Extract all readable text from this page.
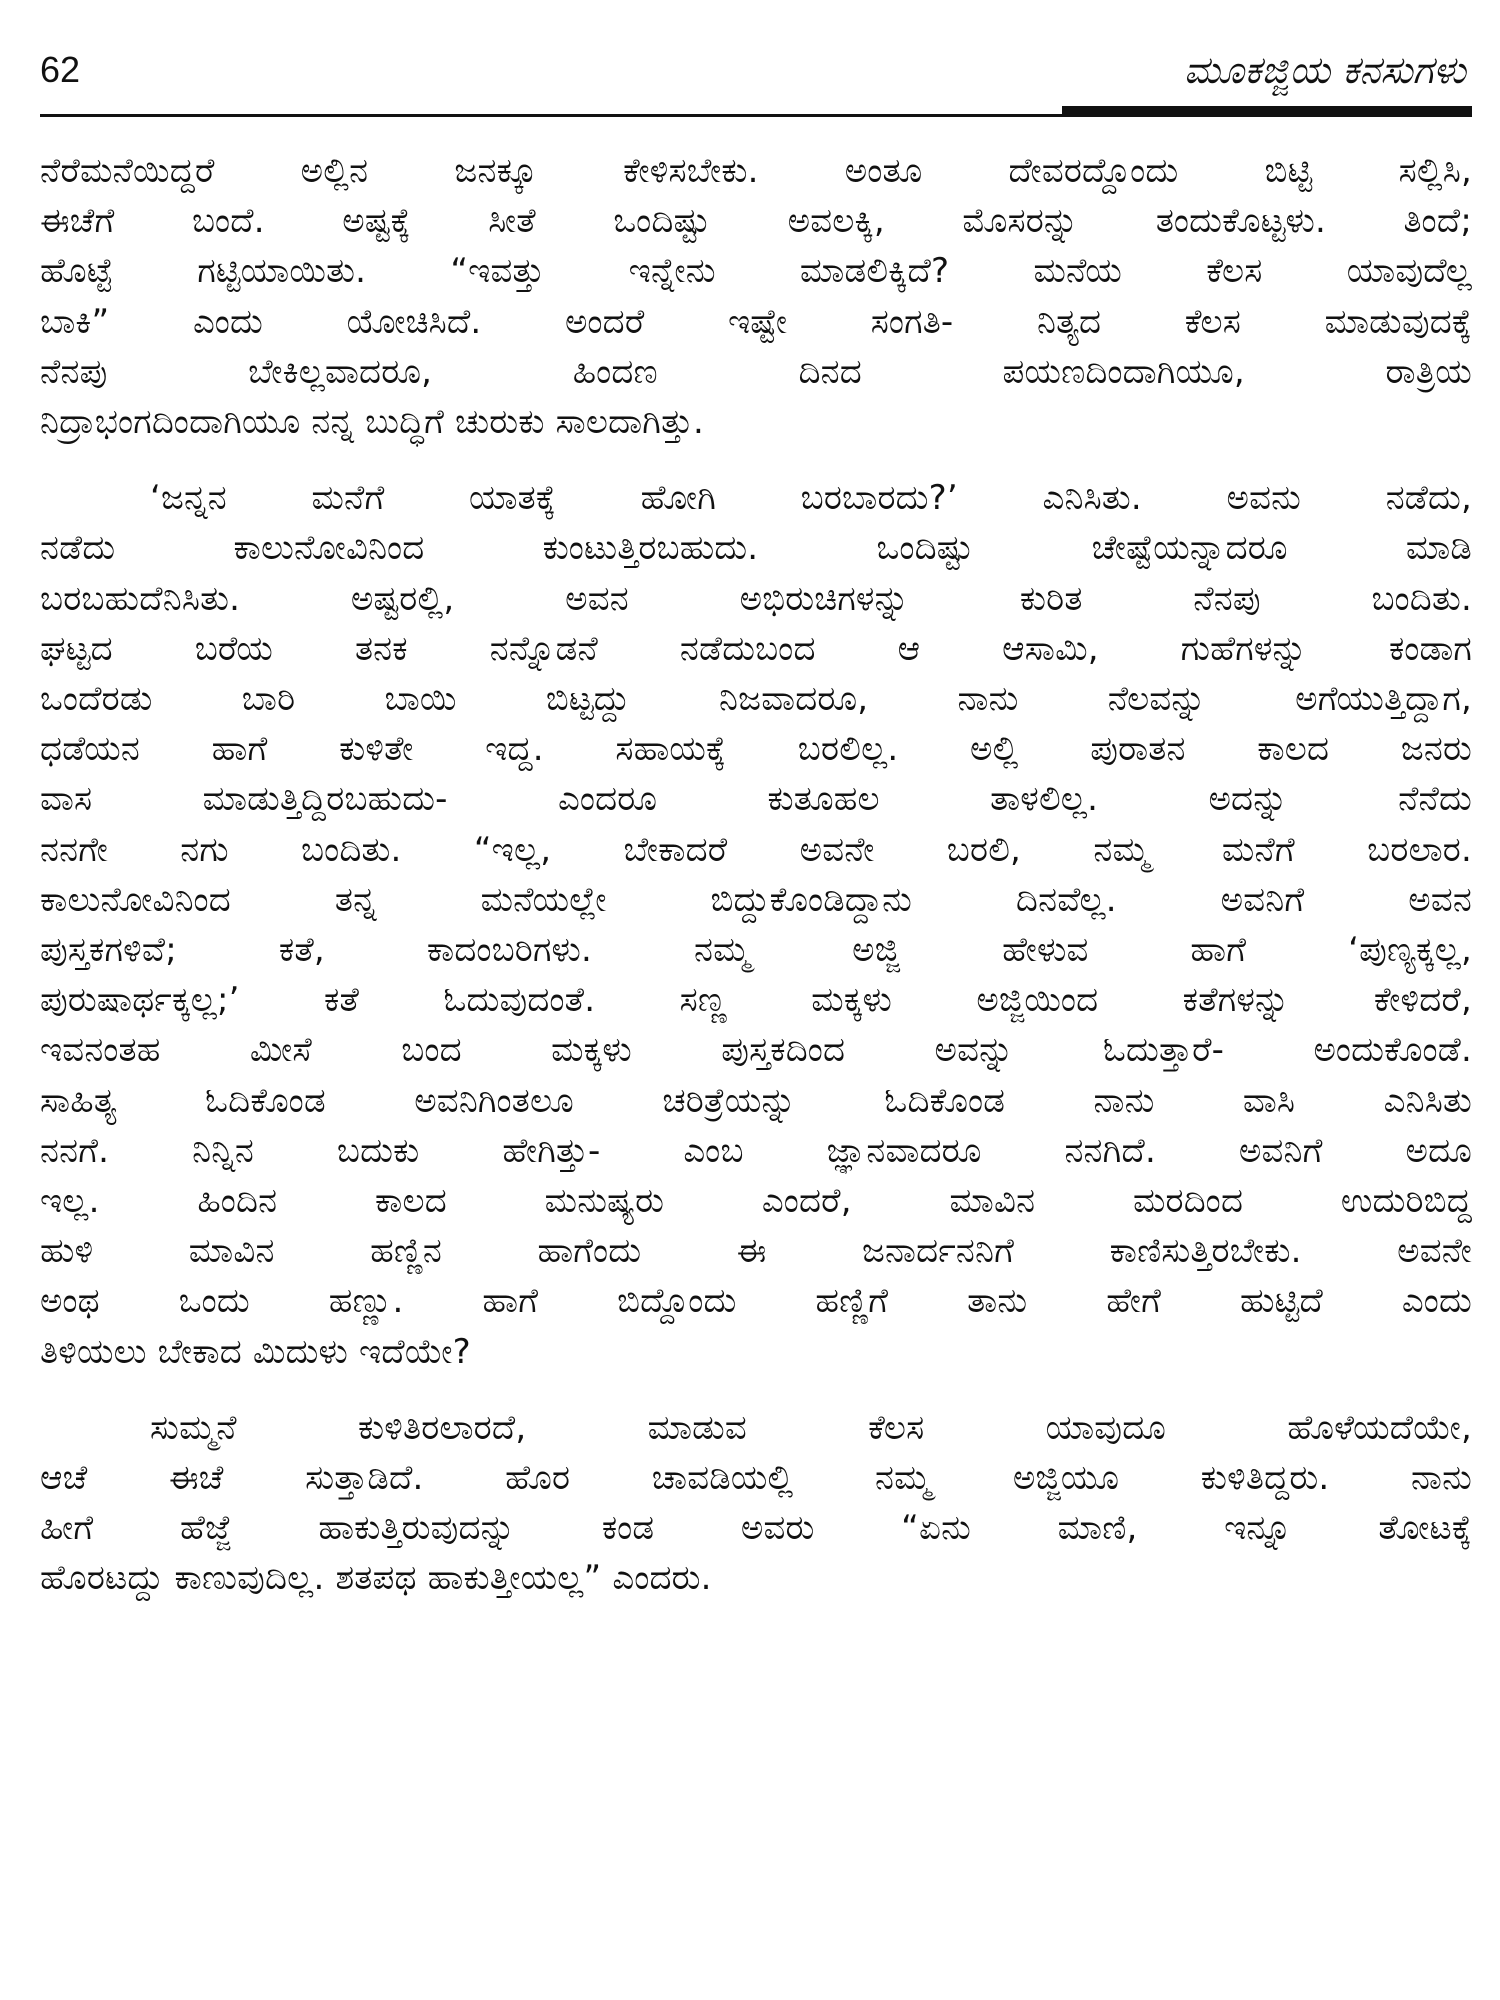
62	ಮೂಕಜ್ಜಿಯ ಕನಸುಗಳು
ನೆರೆಮನೆಯಿದ್ದರೆ ಅಲ್ಲಿನ ಜನಕ್ಕೂ ಕೇಳಿಸಬೇಕು. ಅಂತೂ ದೇವರದ್ದೊಂದು ಬಿಟ್ಟಿ ಸಲ್ಲಿಸಿ,
ಈಚೆಗೆ ಬಂದೆ. ಅಷ್ಟಕ್ಕೆ ಸೀತೆ ಒಂದಿಷ್ಟು ಅವಲಕ್ಕಿ, ಮೊಸರನ್ನು ತಂದುಕೊಟ್ಟಳು. ತಿಂದೆ;
ಹೊಟ್ಟೆ ಗಟ್ಟಿಯಾಯಿತು. “ಇವತ್ತು ಇನ್ನೇನು ಮಾಡಲಿಕ್ಕಿದೆ? ಮನೆಯ ಕೆಲಸ ಯಾವುದೆಲ್ಲ
ಬಾಕಿ” ಎಂದು ಯೋಚಿಸಿದೆ. ಅಂದರೆ ಇಷ್ಟೇ ಸಂಗತಿ- ನಿತ್ಯದ ಕೆಲಸ ಮಾಡುವುದಕ್ಕೆ
ನೆನಪು ಬೇಕಿಲ್ಲವಾದರೂ, ಹಿಂದಣ ದಿನದ ಪಯಣದಿಂದಾಗಿಯೂ, ರಾತ್ರಿಯ
ನಿದ್ರಾಭಂಗದಿಂದಾಗಿಯೂ ನನ್ನ ಬುದ್ಧಿಗೆ ಚುರುಕು ಸಾಲದಾಗಿತ್ತು.
‘ಜನ್ನನ ಮನೆಗೆ ಯಾತಕ್ಕೆ ಹೋಗಿ ಬರಬಾರದು?’ ಎನಿಸಿತು. ಅವನು ನಡೆದು,
ನಡೆದು ಕಾಲುನೋವಿನಿಂದ ಕುಂಟುತ್ತಿರಬಹುದು. ಒಂದಿಷ್ಟು ಚೇಷ್ಟೆಯನ್ನಾದರೂ ಮಾಡಿ
ಬರಬಹುದೆನಿಸಿತು. ಅಷ್ಟರಲ್ಲಿ, ಅವನ ಅಭಿರುಚಿಗಳನ್ನು ಕುರಿತ ನೆನಪು ಬಂದಿತು.
ಘಟ್ಟದ ಬರೆಯ ತನಕ ನನ್ನೊಡನೆ ನಡೆದುಬಂದ ಆ ಆಸಾಮಿ, ಗುಹೆಗಳನ್ನು ಕಂಡಾಗ
ಒಂದೆರಡು ಬಾರಿ ಬಾಯಿ ಬಿಟ್ಟದ್ದು ನಿಜವಾದರೂ, ನಾನು ನೆಲವನ್ನು ಅಗೆಯುತ್ತಿದ್ದಾಗ,
ಧಡೆಯನ ಹಾಗೆ ಕುಳಿತೇ ಇದ್ದ. ಸಹಾಯಕ್ಕೆ ಬರಲಿಲ್ಲ. ಅಲ್ಲಿ ಪುರಾತನ ಕಾಲದ ಜನರು
ವಾಸ ಮಾಡುತ್ತಿದ್ದಿರಬಹುದು- ಎಂದರೂ ಕುತೂಹಲ ತಾಳಲಿಲ್ಲ. ಅದನ್ನು ನೆನೆದು
ನನಗೇ ನಗು ಬಂದಿತು. “ಇಲ್ಲ, ಬೇಕಾದರೆ ಅವನೇ ಬರಲಿ, ನಮ್ಮ ಮನೆಗೆ ಬರಲಾರ.
ಕಾಲುನೋವಿನಿಂದ ತನ್ನ ಮನೆಯಲ್ಲೇ ಬಿದ್ದುಕೊಂಡಿದ್ದಾನು ದಿನವೆಲ್ಲ. ಅವನಿಗೆ ಅವನ
ಪುಸ್ತಕಗಳಿವೆ; ಕತೆ, ಕಾದಂಬರಿಗಳು. ನಮ್ಮ ಅಜ್ಜಿ ಹೇಳುವ ಹಾಗೆ ‘ಪುಣ್ಯಕ್ಕಲ್ಲ,
ಪುರುಷಾರ್ಥಕ್ಕಲ್ಲ;’ ಕತೆ ಓದುವುದಂತೆ. ಸಣ್ಣ ಮಕ್ಕಳು ಅಜ್ಜಿಯಿಂದ ಕತೆಗಳನ್ನು ಕೇಳಿದರೆ,
ಇವನಂತಹ ಮೀಸೆ ಬಂದ ಮಕ್ಕಳು ಪುಸ್ತಕದಿಂದ ಅವನ್ನು ಓದುತ್ತಾರೆ- ಅಂದುಕೊಂಡೆ.
ಸಾಹಿತ್ಯ ಓದಿಕೊಂಡ ಅವನಿಗಿಂತಲೂ ಚರಿತ್ರೆಯನ್ನು ಓದಿಕೊಂಡ ನಾನು ವಾಸಿ ಎನಿಸಿತು
ನನಗೆ. ನಿನ್ನಿನ ಬದುಕು ಹೇಗಿತ್ತು- ಎಂಬ ಜ್ಞಾನವಾದರೂ ನನಗಿದೆ. ಅವನಿಗೆ ಅದೂ
ಇಲ್ಲ. ಹಿಂದಿನ ಕಾಲದ ಮನುಷ್ಯರು ಎಂದರೆ, ಮಾವಿನ ಮರದಿಂದ ಉದುರಿಬಿದ್ದ
ಹುಳಿ ಮಾವಿನ ಹಣ್ಣಿನ ಹಾಗೆಂದು ಈ ಜನಾರ್ದನನಿಗೆ ಕಾಣಿಸುತ್ತಿರಬೇಕು. ಅವನೇ
ಅಂಥ ಒಂದು ಹಣ್ಣು. ಹಾಗೆ ಬಿದ್ದೊಂದು ಹಣ್ಣಿಗೆ ತಾನು ಹೇಗೆ ಹುಟ್ಟಿದೆ ಎಂದು
ತಿಳಿಯಲು ಬೇಕಾದ ಮಿದುಳು ಇದೆಯೇ?
ಸುಮ್ಮನೆ ಕುಳಿತಿರಲಾರದೆ, ಮಾಡುವ ಕೆಲಸ ಯಾವುದೂ ಹೊಳೆಯದೆಯೇ,
ಆಚೆ ಈಚೆ ಸುತ್ತಾಡಿದೆ. ಹೊರ ಚಾವಡಿಯಲ್ಲಿ ನಮ್ಮ ಅಜ್ಜಿಯೂ ಕುಳಿತಿದ್ದರು. ನಾನು
ಹೀಗೆ ಹೆಜ್ಜೆ ಹಾಕುತ್ತಿರುವುದನ್ನು ಕಂಡ ಅವರು “ಏನು ಮಾಣಿ, ಇನ್ನೂ ತೋಟಕ್ಕೆ
ಹೊರಟದ್ದು ಕಾಣುವುದಿಲ್ಲ. ಶತಪಥ ಹಾಕುತ್ತೀಯಲ್ಲ” ಎಂದರು.
